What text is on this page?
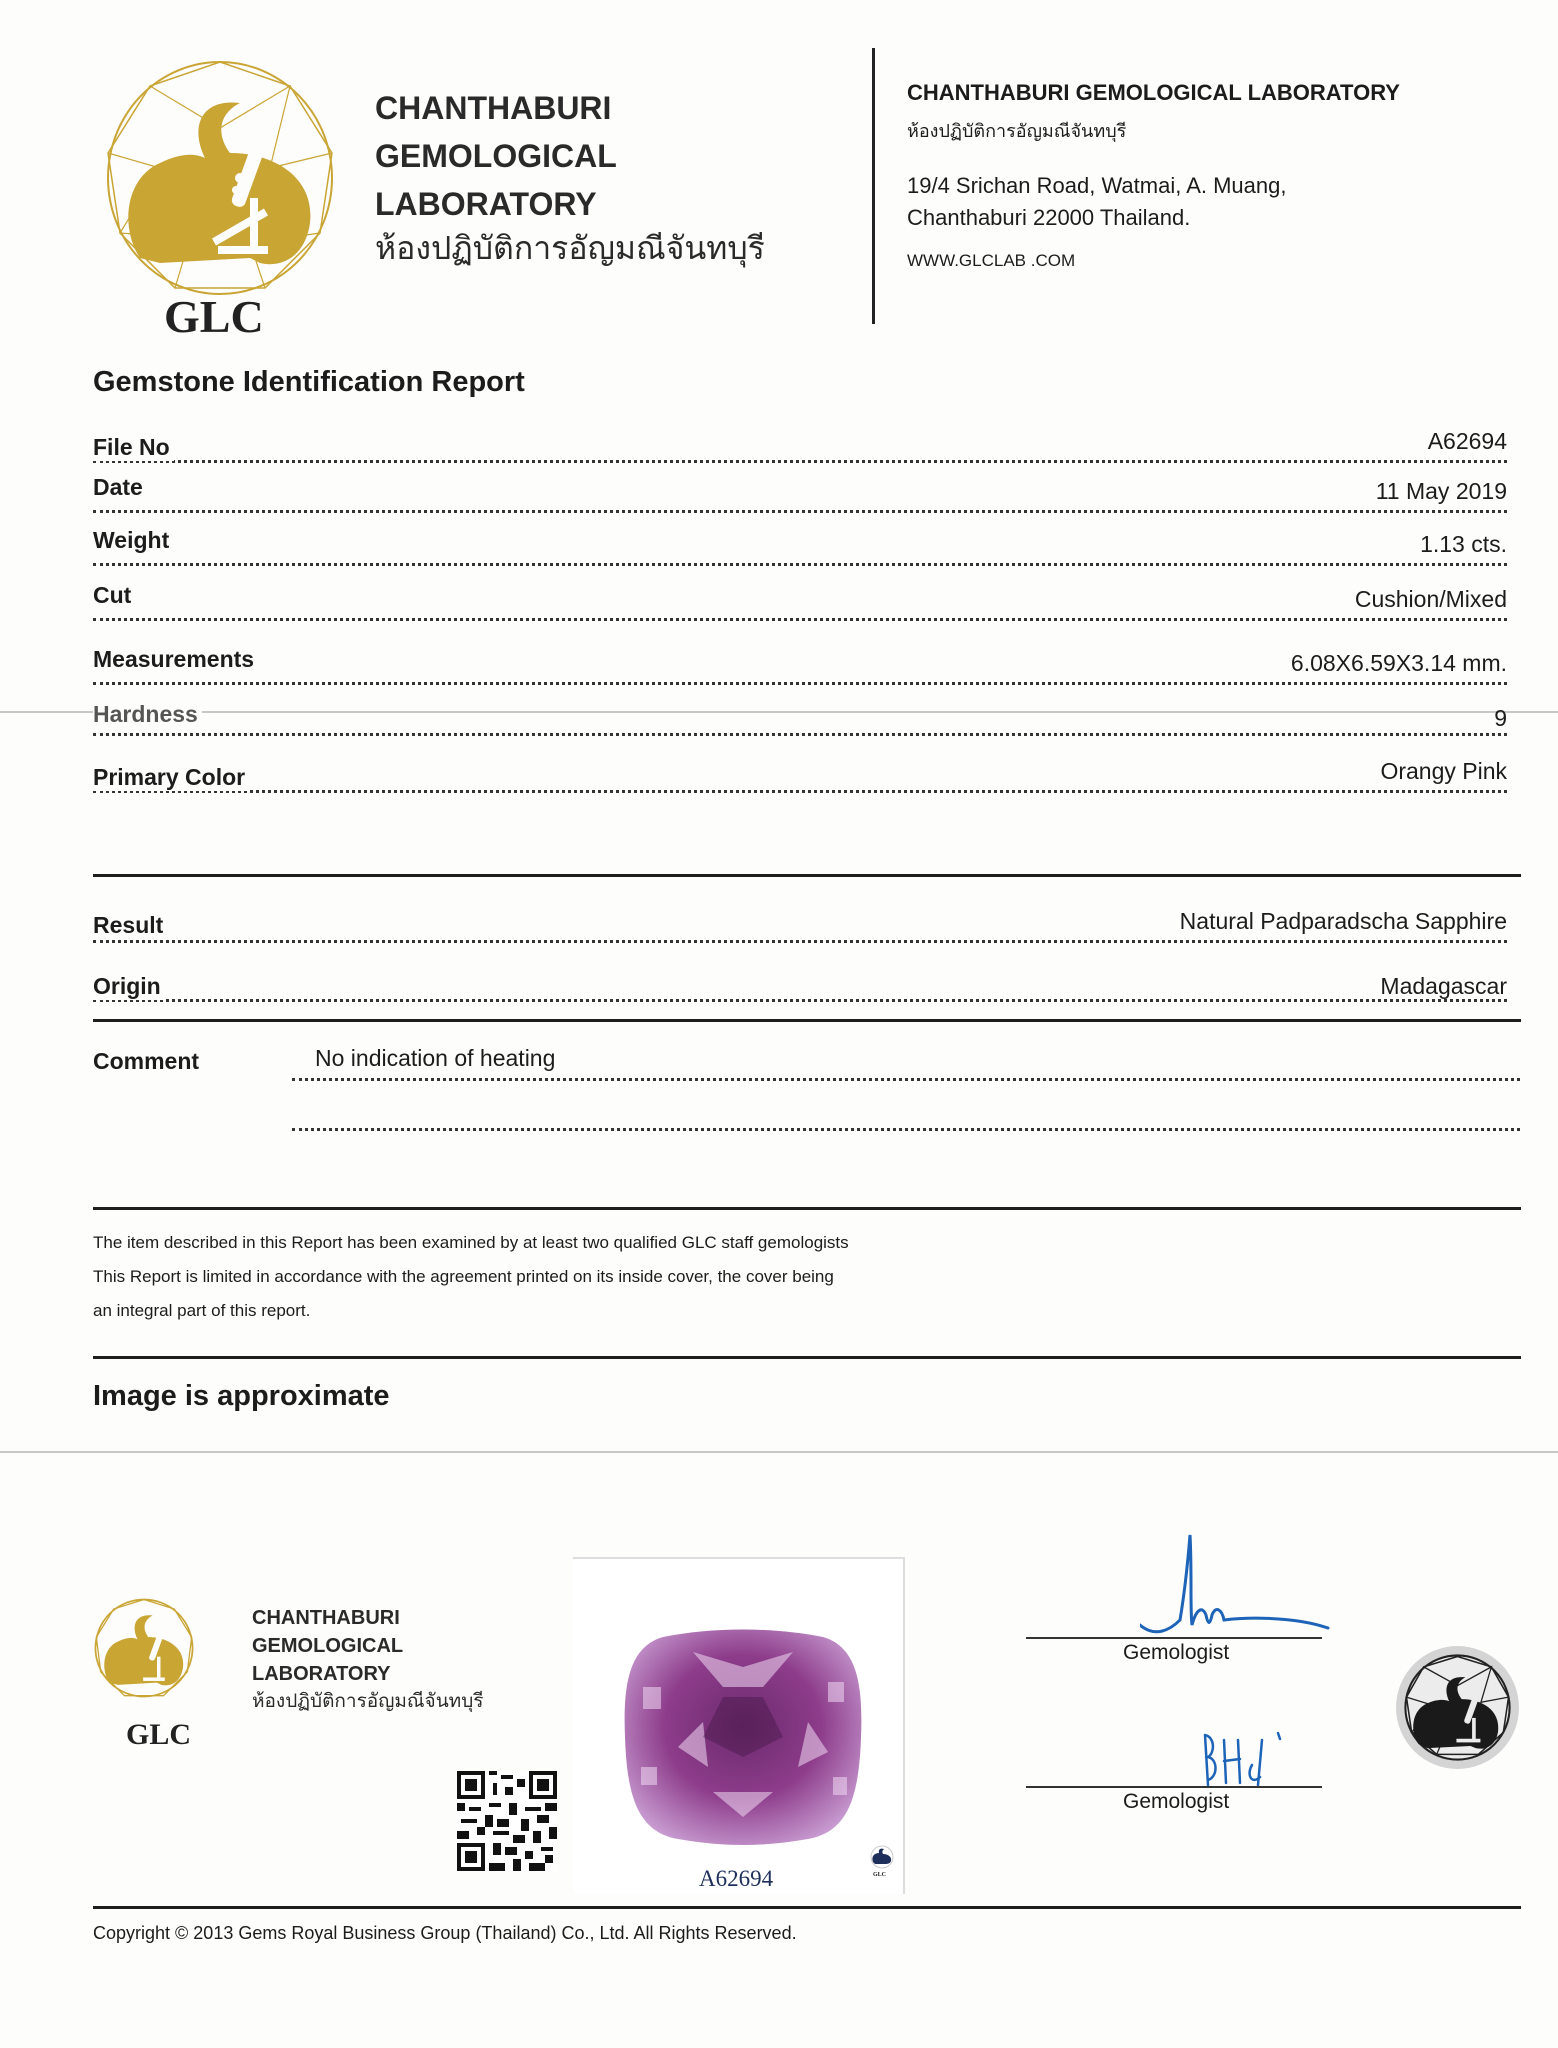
GLC
CHANTHABURI
GEMOLOGICAL
LABORATORY
ห้องปฏิบัติการอัญมณีจันทบุรี
CHANTHABURI GEMOLOGICAL LABORATORY
ห้องปฏิบัติการอัญมณีจันทบุรี
19/4 Srichan Road, Watmai, A. Muang,
Chanthaburi 22000 Thailand.
WWW.GLCLAB .COM
Gemstone Identification Report
File No	A62694
Date	11 May 2019
Weight	1.13 cts.
Cut	Cushion/Mixed
Measurements	6.08X6.59X3.14 mm.
Hardness	9
Primary Color	Orangy Pink
Result	Natural Padparadscha Sapphire
Origin	Madagascar
Comment	No indication of heating
The item described in this Report has been examined by at least two qualified GLC staff gemologists
This Report is limited in accordance with the agreement printed on its inside cover, the cover being
an integral part of this report.
Image is approximate
GLC
CHANTHABURI
GEMOLOGICAL
LABORATORY
ห้องปฏิบัติการอัญมณีจันทบุรี
GLC
A62694
Gemologist
Gemologist
Copyright © 2013 Gems Royal Business Group (Thailand) Co., Ltd. All Rights Reserved.
